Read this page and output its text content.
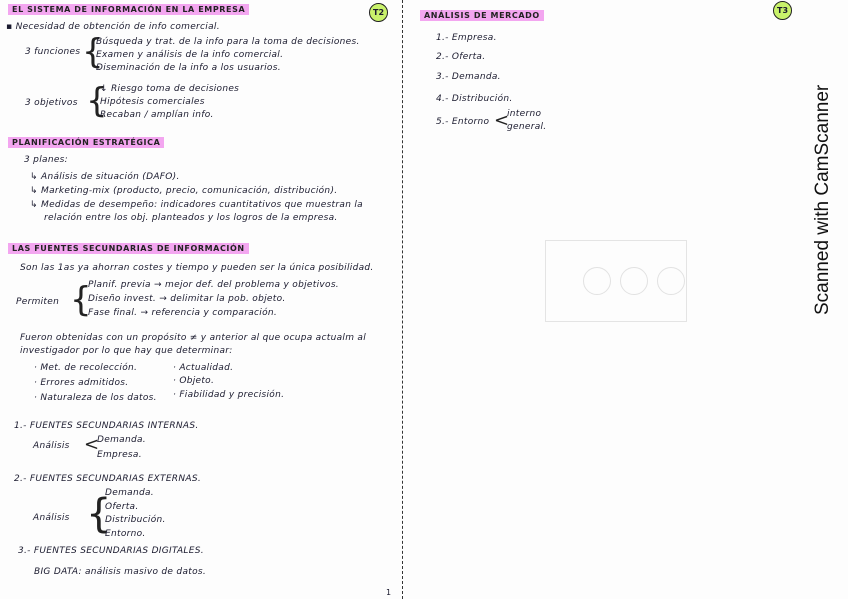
T2
EL SISTEMA DE INFORMACIÓN EN LA EMPRESA
▪ Necesidad de obtención de info comercial.
3 funciones {
Búsqueda y trat. de la info para la toma de decisiones.
Examen y análisis de la info comercial.
Diseminación de la info a los usuarios.
3 objetivos {
↓ Riesgo toma de decisiones
Hipótesis comerciales
Recaban / amplían info.
PLANIFICACIÓN ESTRATÉGICA
3 planes:
↳ Análisis de situación (DAFO).
↳ Marketing-mix (producto, precio, comunicación, distribución).
↳ Medidas de desempeño: indicadores cuantitativos que muestran la
relación entre los obj. planteados y los logros de la empresa.
LAS FUENTES SECUNDARIAS DE INFORMACIÓN
Son las 1as ya ahorran costes y tiempo y pueden ser la única posibilidad.
Permiten {
Planif. previa → mejor def. del problema y objetivos.
Diseño invest. → delimitar la pob. objeto.
Fase final. → referencia y comparación.
Fueron obtenidas con un propósito ≠ y anterior al que ocupa actualm al
investigador por lo que hay que determinar:
· Met. de recolección.
· Errores admitidos.
· Naturaleza de los datos.
· Actualidad.
· Objeto.
· Fiabilidad y precisión.
1.- FUENTES SECUNDARIAS INTERNAS.
Análisis <
Demanda.
Empresa.
2.- FUENTES SECUNDARIAS EXTERNAS.
Análisis {
Demanda.
Oferta.
Distribución.
Entorno.
3.- FUENTES SECUNDARIAS DIGITALES.
BIG DATA: análisis masivo de datos.
1
ANÁLISIS DE MERCADO
T3
1.- Empresa.
2.- Oferta.
3.- Demanda.
4.- Distribución.
5.- Entorno <
interno
general.	Scanned with CamScanner
